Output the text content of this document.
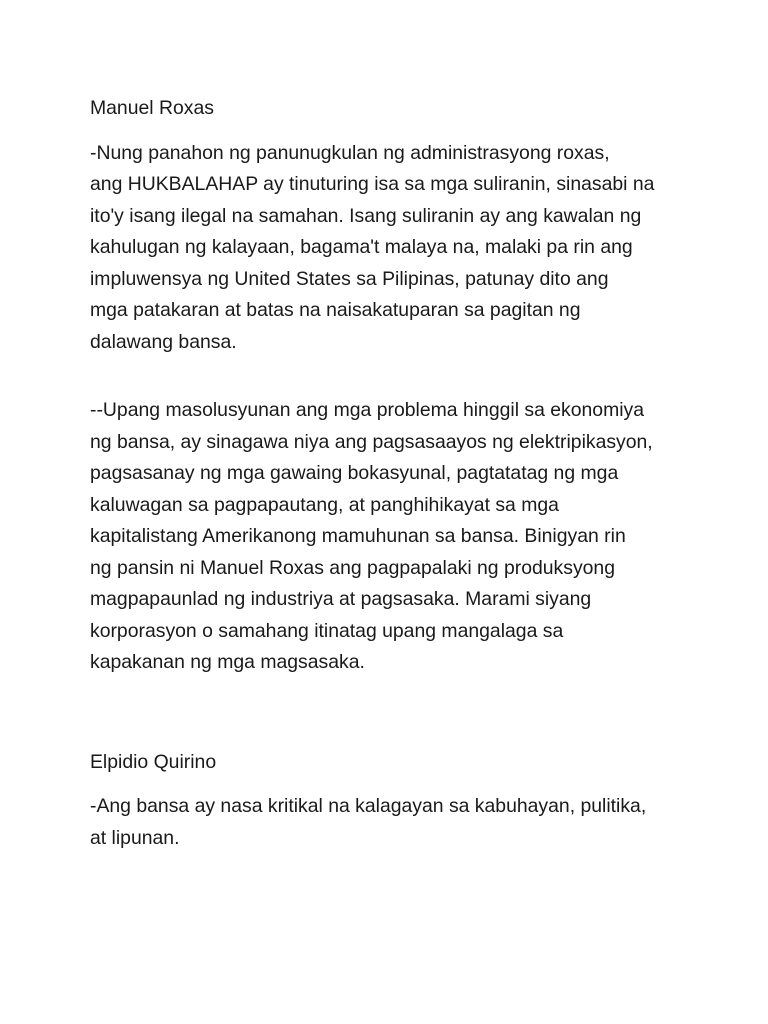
Manuel Roxas

-Nung panahon ng panunugkulan ng administrasyong roxas,
ang HUKBALAHAP ay tinuturing isa sa mga suliranin, sinasabi na
ito'y isang ilegal na samahan. Isang suliranin ay ang kawalan ng
kahulugan ng kalayaan, bagama't malaya na, malaki pa rin ang
impluwensya ng United States sa Pilipinas, patunay dito ang
mga patakaran at batas na naisakatuparan sa pagitan ng
dalawang bansa.

--Upang masolusyunan ang mga problema hinggil sa ekonomiya
ng bansa, ay sinagawa niya ang pagsasaayos ng elektripikasyon,
pagsasanay ng mga gawaing bokasyunal, pagtatatag ng mga
kaluwagan sa pagpapautang, at panghihikayat sa mga
kapitalistang Amerikanong mamuhunan sa bansa. Binigyan rin
ng pansin ni Manuel Roxas ang pagpapalaki ng produksyong
magpapaunlad ng industriya at pagsasaka. Marami siyang
korporasyon o samahang itinatag upang mangalaga sa
kapakanan ng mga magsasaka.

Elpidio Quirino

-Ang bansa ay nasa kritikal na kalagayan sa kabuhayan, pulitika,
at lipunan.
